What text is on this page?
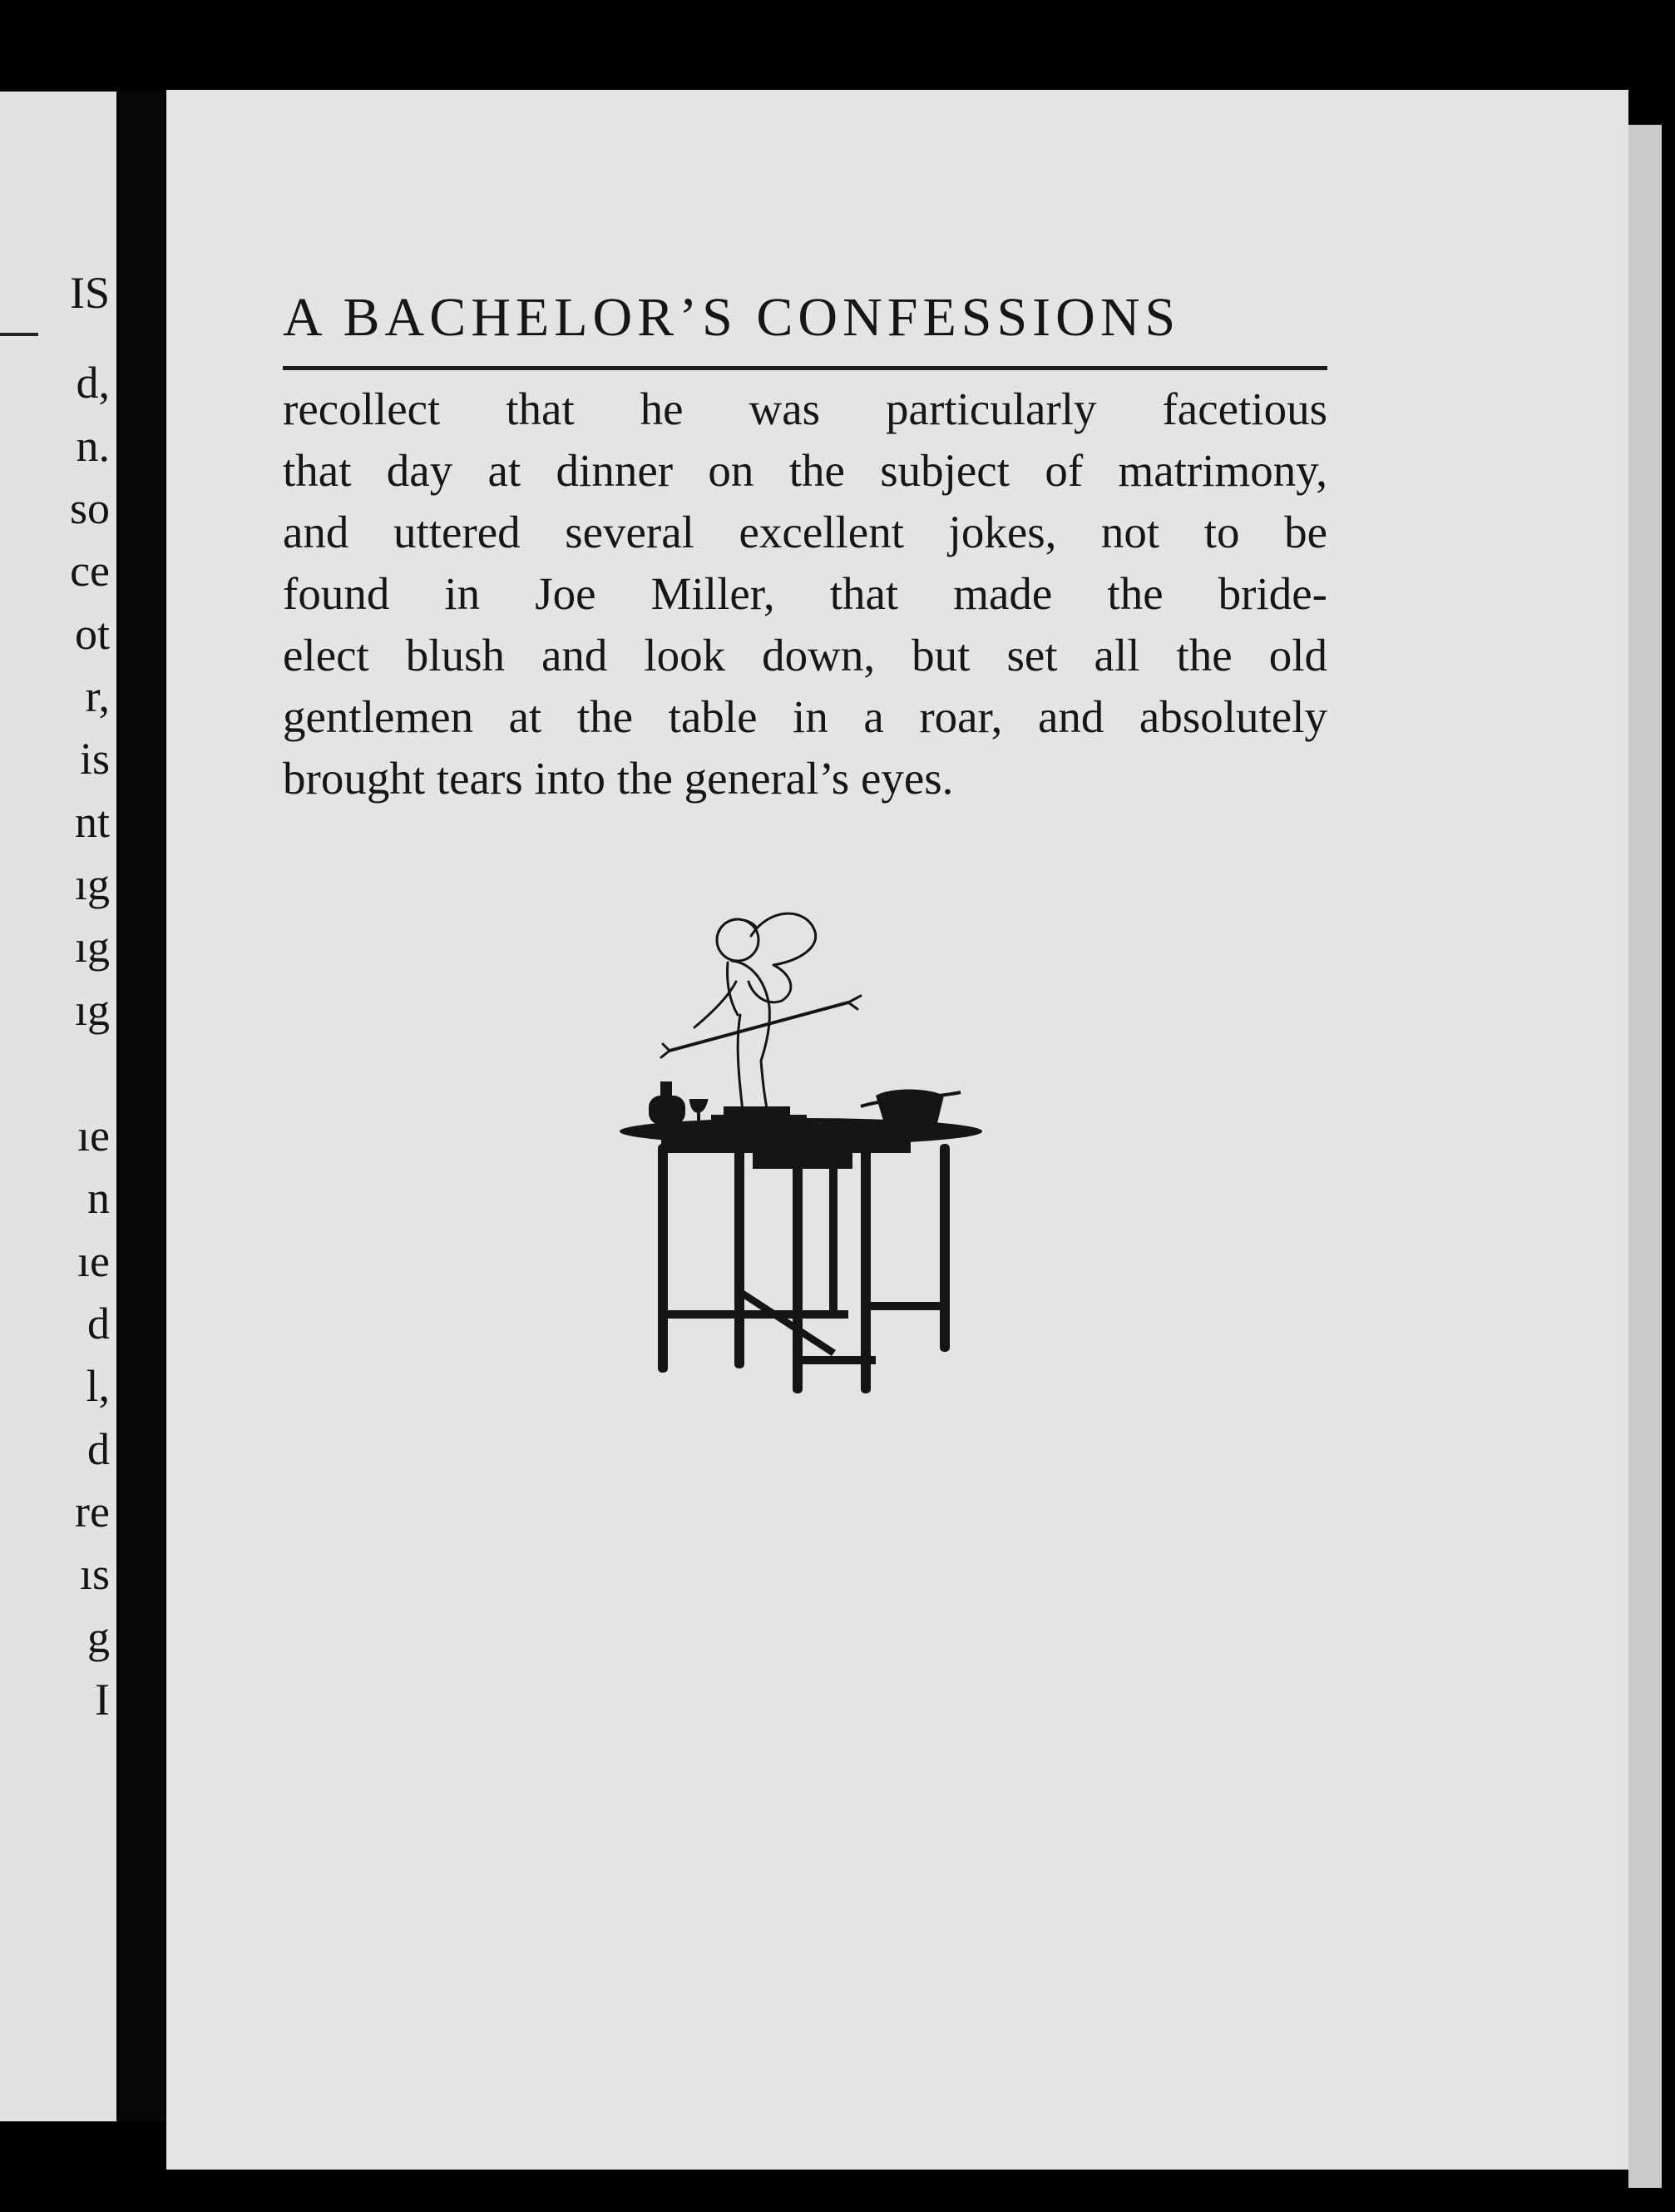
IS
d,
n.
so
ce
ot
r,
is
nt
ıg
ıg
ıg
ıe
n
ıe
d
l,
d
re
ıs
g
I
A BACHELOR’S CONFESSIONS
recollect that he was particularly facetious
that day at dinner on the subject of matrimony,
and uttered several excellent jokes, not to be
found in Joe Miller, that made the bride-
elect blush and look down, but set all the old
gentlemen at the table in a roar, and absolutely
brought tears into the general’s eyes.
